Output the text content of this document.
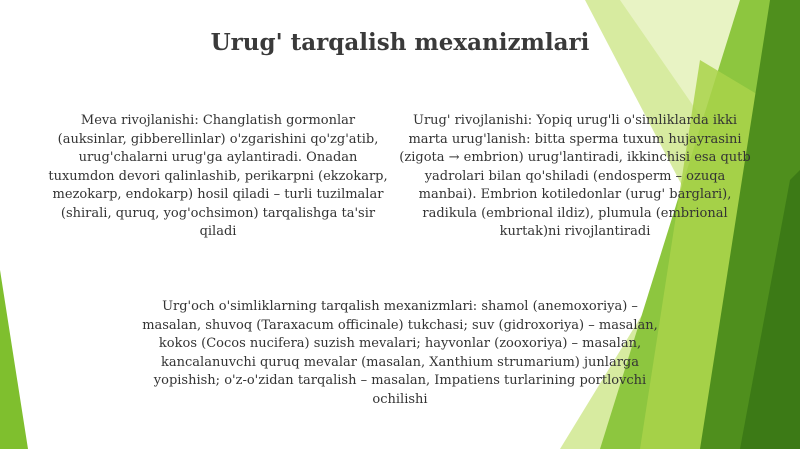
Urug' tarqalish mexanizmlari

Meva rivojlanishi: Changlatish gormonlar (auksinlar, gibberellinlar) o'zgarishini qo'zg'atib, urug'chalarni urug'ga aylantiradi. Onadan tuxumdon devori qalinlashib, perikarpni (ekzokarp, mezokarp, endokarp) hosil qiladi – turli tuzilmalar (shirali, quruq, yog'ochsimon) tarqalishga ta'sir qiladi

Urug' rivojlanishi: Yopiq urug'li o'simliklarda ikki marta urug'lanish: bitta sperma tuxum hujayrasini (zigota → embrion) urug'lantiradi, ikkinchisi esa qutb yadrolari bilan qo'shiladi (endosperm – ozuqa manbai). Embrion kotiledonlar (urug' barglari), radikula (embrional ildiz), plumula (embrional kurtak)ni rivojlantiradi

Urg'och o'simliklarning tarqalish mexanizmlari: shamol (anemoxoriya) – masalan, shuvoq (Taraxacum officinale) tukchasi; suv (gidroxoriya) – masalan, kokos (Cocos nucifera) suzish mevalari; hayvonlar (zooxoriya) – masalan, kancalanuvchi quruq mevalar (masalan, Xanthium strumarium) junlarga yopishish; o'z-o'zidan tarqalish – masalan, Impatiens turlarining portlovchi ochilishi
